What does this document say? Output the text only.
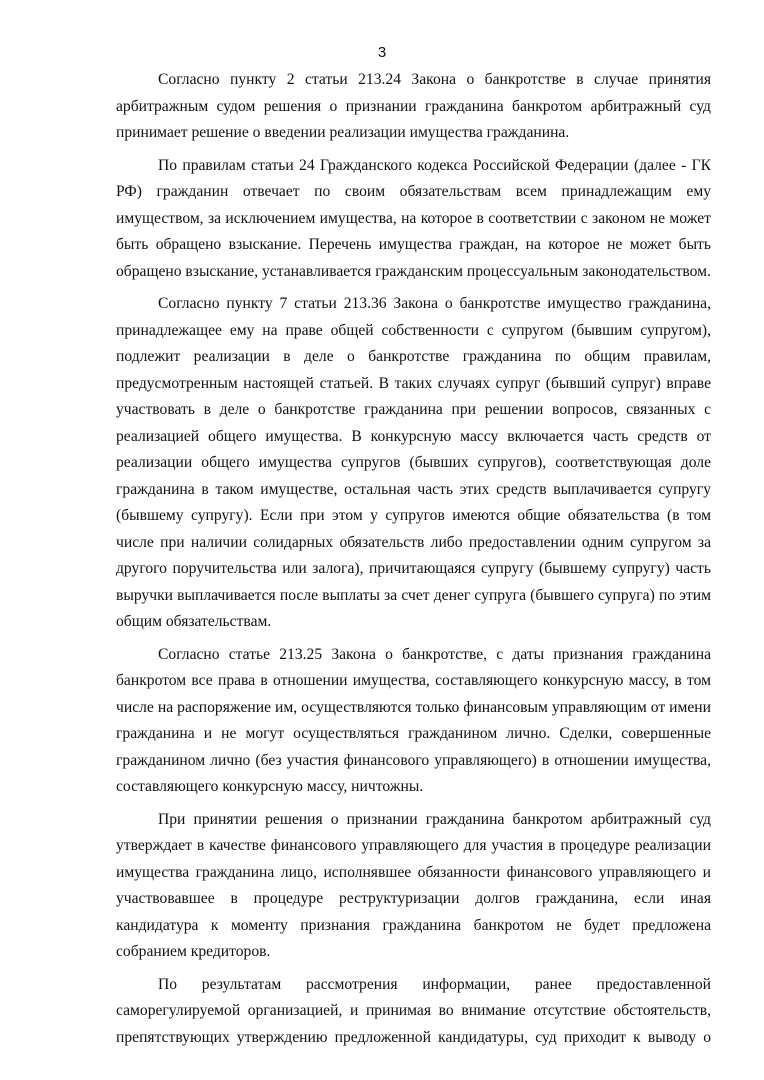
3

Согласно пункту 2 статьи 213.24 Закона о банкротстве в случае принятия арбитражным судом решения о признании гражданина банкротом арбитражный суд принимает решение о введении реализации имущества гражданина.

По правилам статьи 24 Гражданского кодекса Российской Федерации (далее - ГК РФ) гражданин отвечает по своим обязательствам всем принадлежащим ему имуществом, за исключением имущества, на которое в соответствии с законом не может быть обращено взыскание. Перечень имущества граждан, на которое не может быть обращено взыскание, устанавливается гражданским процессуальным законодательством.

Согласно пункту 7 статьи 213.36 Закона о банкротстве имущество гражданина, принадлежащее ему на праве общей собственности с супругом (бывшим супругом), подлежит реализации в деле о банкротстве гражданина по общим правилам, предусмотренным настоящей статьей. В таких случаях супруг (бывший супруг) вправе участвовать в деле о банкротстве гражданина при решении вопросов, связанных с реализацией общего имущества. В конкурсную массу включается часть средств от реализации общего имущества супругов (бывших супругов), соответствующая доле гражданина в таком имуществе, остальная часть этих средств выплачивается супругу (бывшему супругу). Если при этом у супругов имеются общие обязательства (в том числе при наличии солидарных обязательств либо предоставлении одним супругом за другого поручительства или залога), причитающаяся супругу (бывшему супругу) часть выручки выплачивается после выплаты за счет денег супруга (бывшего супруга) по этим общим обязательствам.

Согласно статье 213.25 Закона о банкротстве, с даты признания гражданина банкротом все права в отношении имущества, составляющего конкурсную массу, в том числе на распоряжение им, осуществляются только финансовым управляющим от имени гражданина и не могут осуществляться гражданином лично. Сделки, совершенные гражданином лично (без участия финансового управляющего) в отношении имущества, составляющего конкурсную массу, ничтожны.

При принятии решения о признании гражданина банкротом арбитражный суд утверждает в качестве финансового управляющего для участия в процедуре реализации имущества гражданина лицо, исполнявшее обязанности финансового управляющего и участвовавшее в процедуре реструктуризации долгов гражданина, если иная кандидатура к моменту признания гражданина банкротом не будет предложена собранием кредиторов.

По результатам рассмотрения информации, ранее предоставленной саморегулируемой организацией, и принимая во внимание отсутствие обстоятельств, препятствующих утверждению предложенной кандидатуры, суд приходит к выводу о
